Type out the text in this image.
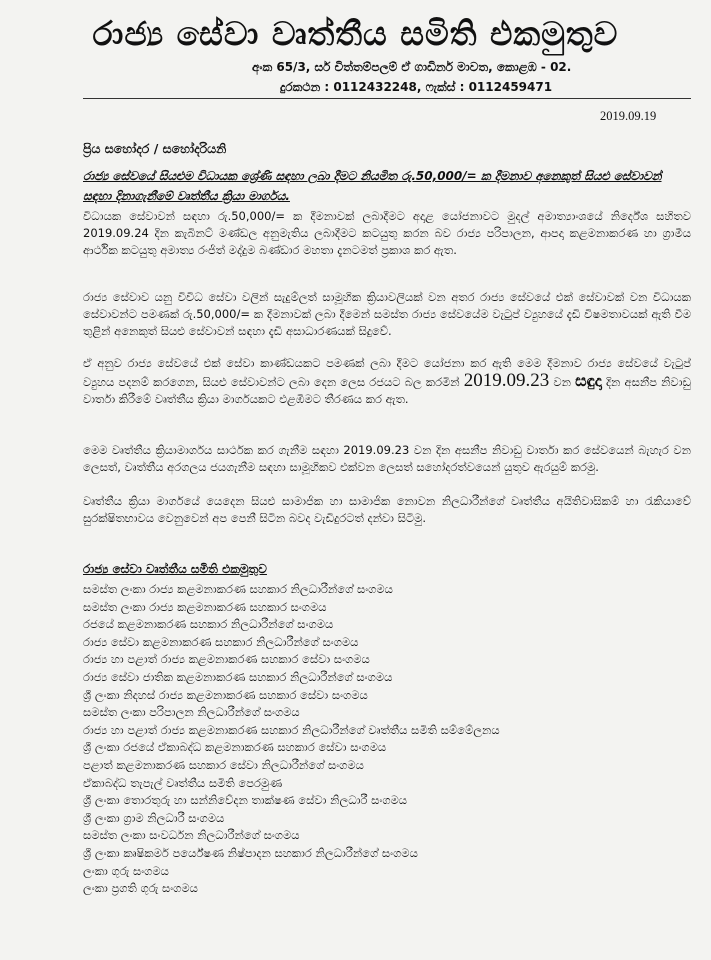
රාජ්‍ය සේවා වෘත්තීය සමිති එකමුතුව
අංක 65/3, සර් චිත්තම්පලම් ඒ ගාඩිනර් මාවත, කොළඹ - 02.
දුරකථන : 0112432248, ෆැක්ස් : 0112459471
2019.09.19
ප්‍රිය සහෝදර / සහෝදරියනි
රාජ්‍ය සේවයේ සියළුම විධායක ශ්‍රේණි සඳහා ලබා දීමට නියමිත රු.50,000/= ක දීමනාව අනෙකුත් සියළු සේවාවන් සඳහා දිනාගැනීමේ වෘත්තීය ක්‍රියා මාර්ගය.

විධායක සේවාවන් සඳහා රු.50,000/= ක දීමනාවක් ලබාදීමට අදාළ යෝජනාවට මුදල් අමාත්‍යාංශයේ නිර්දේශ සහිතව 2019.09.24 දින කැබිනට් මණ්ඩල අනුමැතිය ලබාදීමට කටයුතු කරන බව රාජ්‍ය පරිපාලන, ආපදා කළමනාකරණ හා ග්‍රාමීය ආර්ථික කටයුතු අමාත්‍ය රංජිත් මද්දුම බණ්ඩාර මහතා දැනටමත් ප්‍රකාශ කර ඇත.

රාජ්‍ය සේවාව යනු විවිධ සේවා වලින් සැදුම්ලත් සාමූහික ක්‍රියාවලියක් වන අතර රාජ්‍ය සේවයේ එක් සේවාවක් වන විධායක සේවාවන්ට පමණක් රු.50,000/= ක දීමනාවක් ලබා දීමෙන් සමස්ත රාජ්‍ය සේවයේම වැටුප් ව්‍යුහයේ දැඩි විෂමතාවයක් ඇති වීම තුළින් අනෙකුත් සියළු සේවාවන් සඳහා දැඩි අසාධාරණයක් සිදුවේ.

ඒ අනුව රාජ්‍ය සේවයේ එක් සේවා කාණ්ඩයකට පමණක් ලබා දීමට යෝජනා කර ඇති මෙම දීමනාව රාජ්‍ය සේවයේ වැටුප් ව්‍යුහය පදනම් කරගෙන, සියළු සේවාවන්ට ලබා දෙන ලෙස රජයට බල කරමින් 2019.09.23 වන සඳුදා දින අසනීප නිවාඩු වාර්තා කිරීමේ වෘත්තීය ක්‍රියා මාර්ගයකට එළඹීමට තීරණය කර ඇත.

මෙම වෘත්තීය ක්‍රියාමාර්ගය සාර්ථක කර ගැනීම සඳහා 2019.09.23 වන දින අසනීප නිවාඩු වාර්තා කර සේවයෙන් බැහැර වන ලෙසත්, වෘත්තීය අරගලය ජයගැනීම සඳහා සාමූහිකව එක්වන ලෙසත් සහෝදරත්වයෙන් යුතුව ඇරයුම් කරමු.

වෘත්තීය ක්‍රියා මාර්ගයේ යෙදෙන සියළු සාමාජික හා සාමාජික නොවන නිලධාරීන්ගේ වෘත්තීය අයිතිවාසිකම් හා රැකියාවේ සුරක්ෂිතභාවය වෙනුවෙන් අප පෙනී සිටින බවද වැඩිදුරටත් දන්වා සිටිමු.

රාජ්‍ය සේවා වෘත්තීය සමිති එකමුතුව
සමස්ත ලංකා රාජ්‍ය කළමනාකරණ සහකාර නිලධාරීන්ගේ සංගමය
සමස්ත ලංකා රාජ්‍ය කළමනාකරණ සහකාර සංගමය
රජයේ කළමනාකරණ සහකාර නිලධාරීන්ගේ සංගමය
රාජ්‍ය සේවා කළමනාකරණ සහකාර නිලධාරීන්ගේ සංගමය
රාජ්‍ය හා පළාත් රාජ්‍ය කළමනාකරණ සහකාර සේවා සංගමය
රාජ්‍ය සේවා ජාතික කළමනාකරණ සහකාර නිලධාරීන්ගේ සංගමය
ශ්‍රී ලංකා නිදහස් රාජ්‍ය කළමනාකරණ සහකාර සේවා සංගමය
සමස්ත ලංකා පරිපාලන නිලධාරීන්ගේ සංගමය
රාජ්‍ය හා පළාත් රාජ්‍ය කළමනාකරණ සහකාර නිලධාරීන්ගේ වෘත්තීය සමිති සම්මේලනය
ශ්‍රී ලංකා රජයේ ඒකාබද්ධ කළමනාකරණ සහකාර සේවා සංගමය
පළාත් කළමනාකරණ සහකාර සේවා නිලධාරීන්ගේ සංගමය
ඒකාබද්ධ තැපැල් වෘත්තීය සමිති පෙරමුණ
ශ්‍රී ලංකා තොරතුරු හා සන්නිවේදන තාක්ෂණ සේවා නිලධාරී සංගමය
ශ්‍රී ලංකා ග්‍රාම නිලධාරී සංගමය
සමස්ත ලංකා සංවර්ධන නිලධාරීන්ගේ සංගමය
ශ්‍රී ලංකා කෘෂිකර්ම පර්යේෂණ නිෂ්පාදන සහකාර නිලධාරීන්ගේ සංගමය
ලංකා ගුරු සංගමය
ලංකා ප්‍රගති ගුරු සංගමය
